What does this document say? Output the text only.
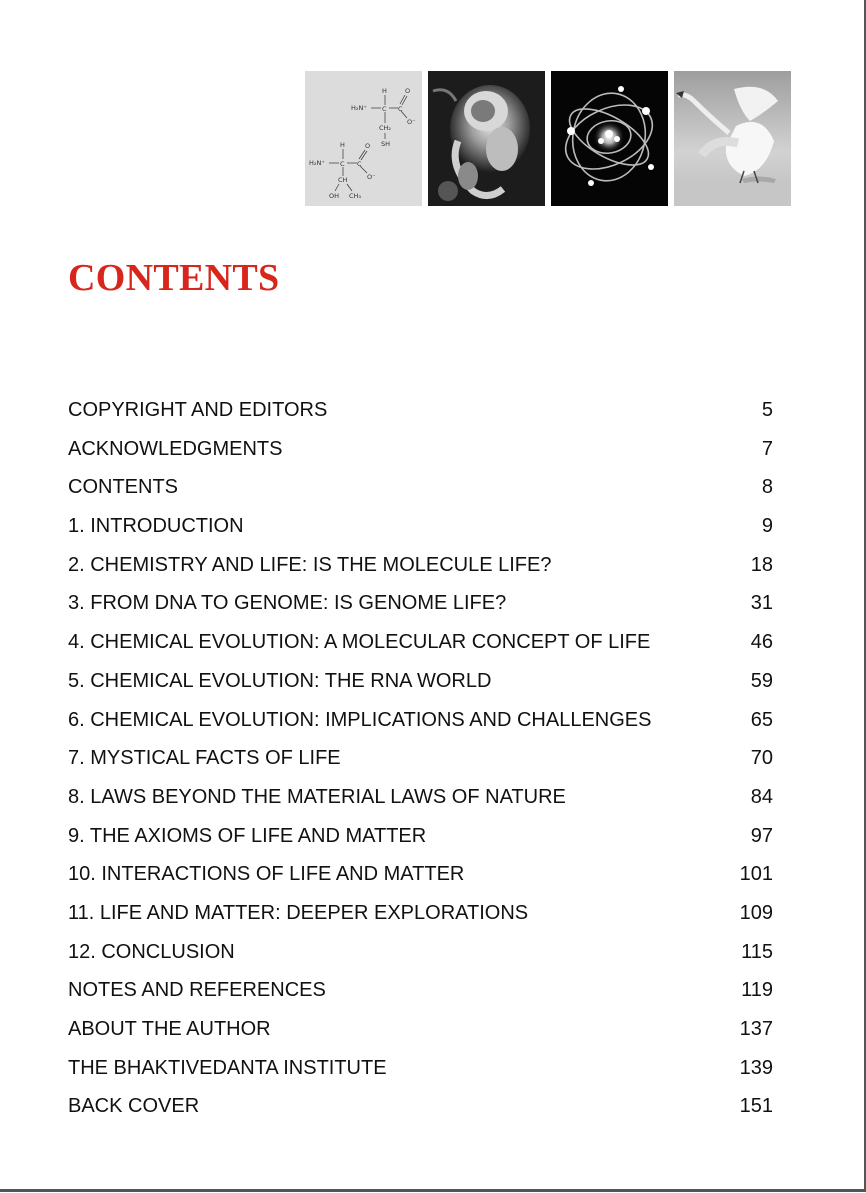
H
H₂N⁺ C C
O
O⁻
CH₂
SH
H
H₂N⁺ C C
O
O⁻
CH
OH CH₃
CONTENTS
COPYRIGHT AND EDITORS	5
ACKNOWLEDGMENTS	7
CONTENTS	8
1. INTRODUCTION	9
2. CHEMISTRY AND LIFE: IS THE MOLECULE LIFE?	18
3. FROM DNA TO GENOME: IS GENOME LIFE?	31
4. CHEMICAL EVOLUTION: A MOLECULAR CONCEPT OF LIFE	46
5. CHEMICAL EVOLUTION: THE RNA WORLD	59
6. CHEMICAL EVOLUTION: IMPLICATIONS AND CHALLENGES	65
7. MYSTICAL FACTS OF LIFE	70
8. LAWS BEYOND THE MATERIAL LAWS OF NATURE	84
9. THE AXIOMS OF LIFE AND MATTER	97
10. INTERACTIONS OF LIFE AND MATTER	101
11. LIFE AND MATTER: DEEPER EXPLORATIONS	109
12. CONCLUSION	115
NOTES AND REFERENCES	119
ABOUT THE AUTHOR	137
THE BHAKTIVEDANTA INSTITUTE	139
BACK COVER	151
